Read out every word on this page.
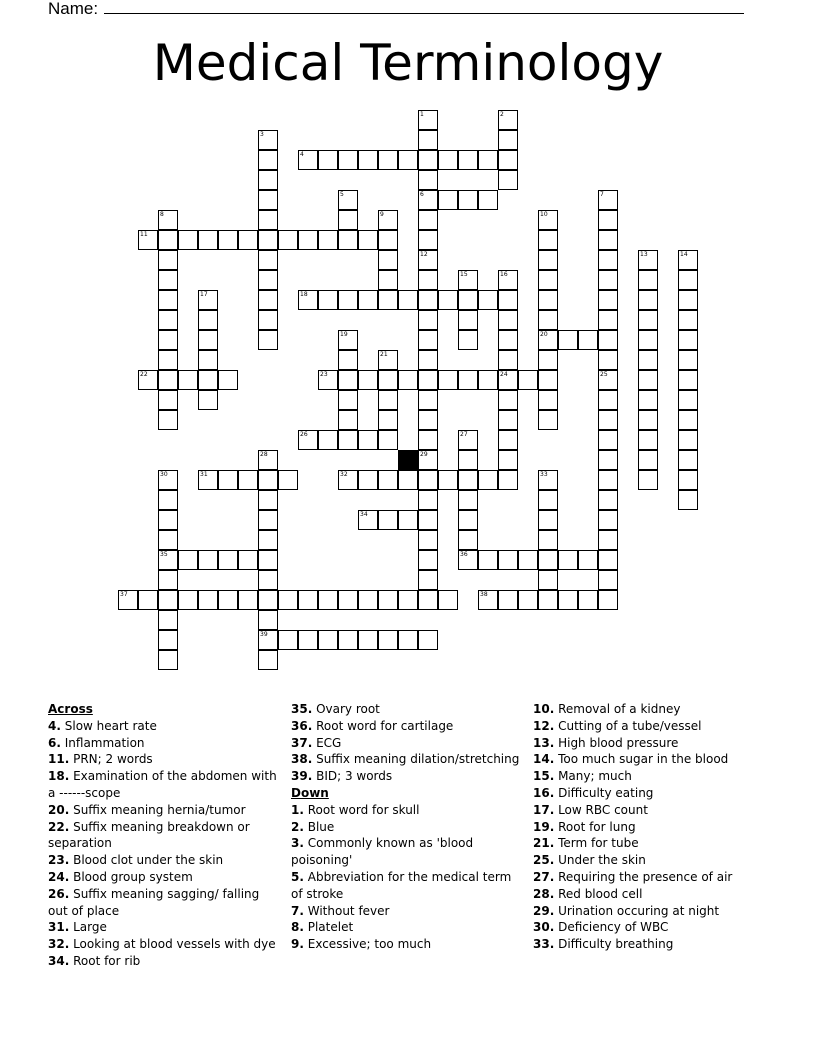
Name:
Medical Terminology
4
6
11
18
20
22	23	24
26
31	32
34
35	36
37	38
39
1
12
2
3
5	7
8	9	10
29
13	14
15	16
17
19
21
25
27
28
30	33
Across
4. Slow heart rate
6. Inflammation
11. PRN; 2 words
18. Examination of the abdomen with a ------scope
20. Suffix meaning hernia/tumor
22. Suffix meaning breakdown or separation
23. Blood clot under the skin
24. Blood group system
26. Suffix meaning sagging/ falling out of place
31. Large
32. Looking at blood vessels with dye
34. Root for rib
35. Ovary root
36. Root word for cartilage
37. ECG
38. Suffix meaning dilation/stretching
39. BID; 3 words
Down
1. Root word for skull
2. Blue
3. Commonly known as 'blood poisoning'
5. Abbreviation for the medical term of stroke
7. Without fever
8. Platelet
9. Excessive; too much
10. Removal of a kidney
12. Cutting of a tube/vessel
13. High blood pressure
14. Too much sugar in the blood
15. Many; much
16. Difficulty eating
17. Low RBC count
19. Root for lung
21. Term for tube
25. Under the skin
27. Requiring the presence of air
28. Red blood cell
29. Urination occuring at night
30. Deficiency of WBC
33. Difficulty breathing
